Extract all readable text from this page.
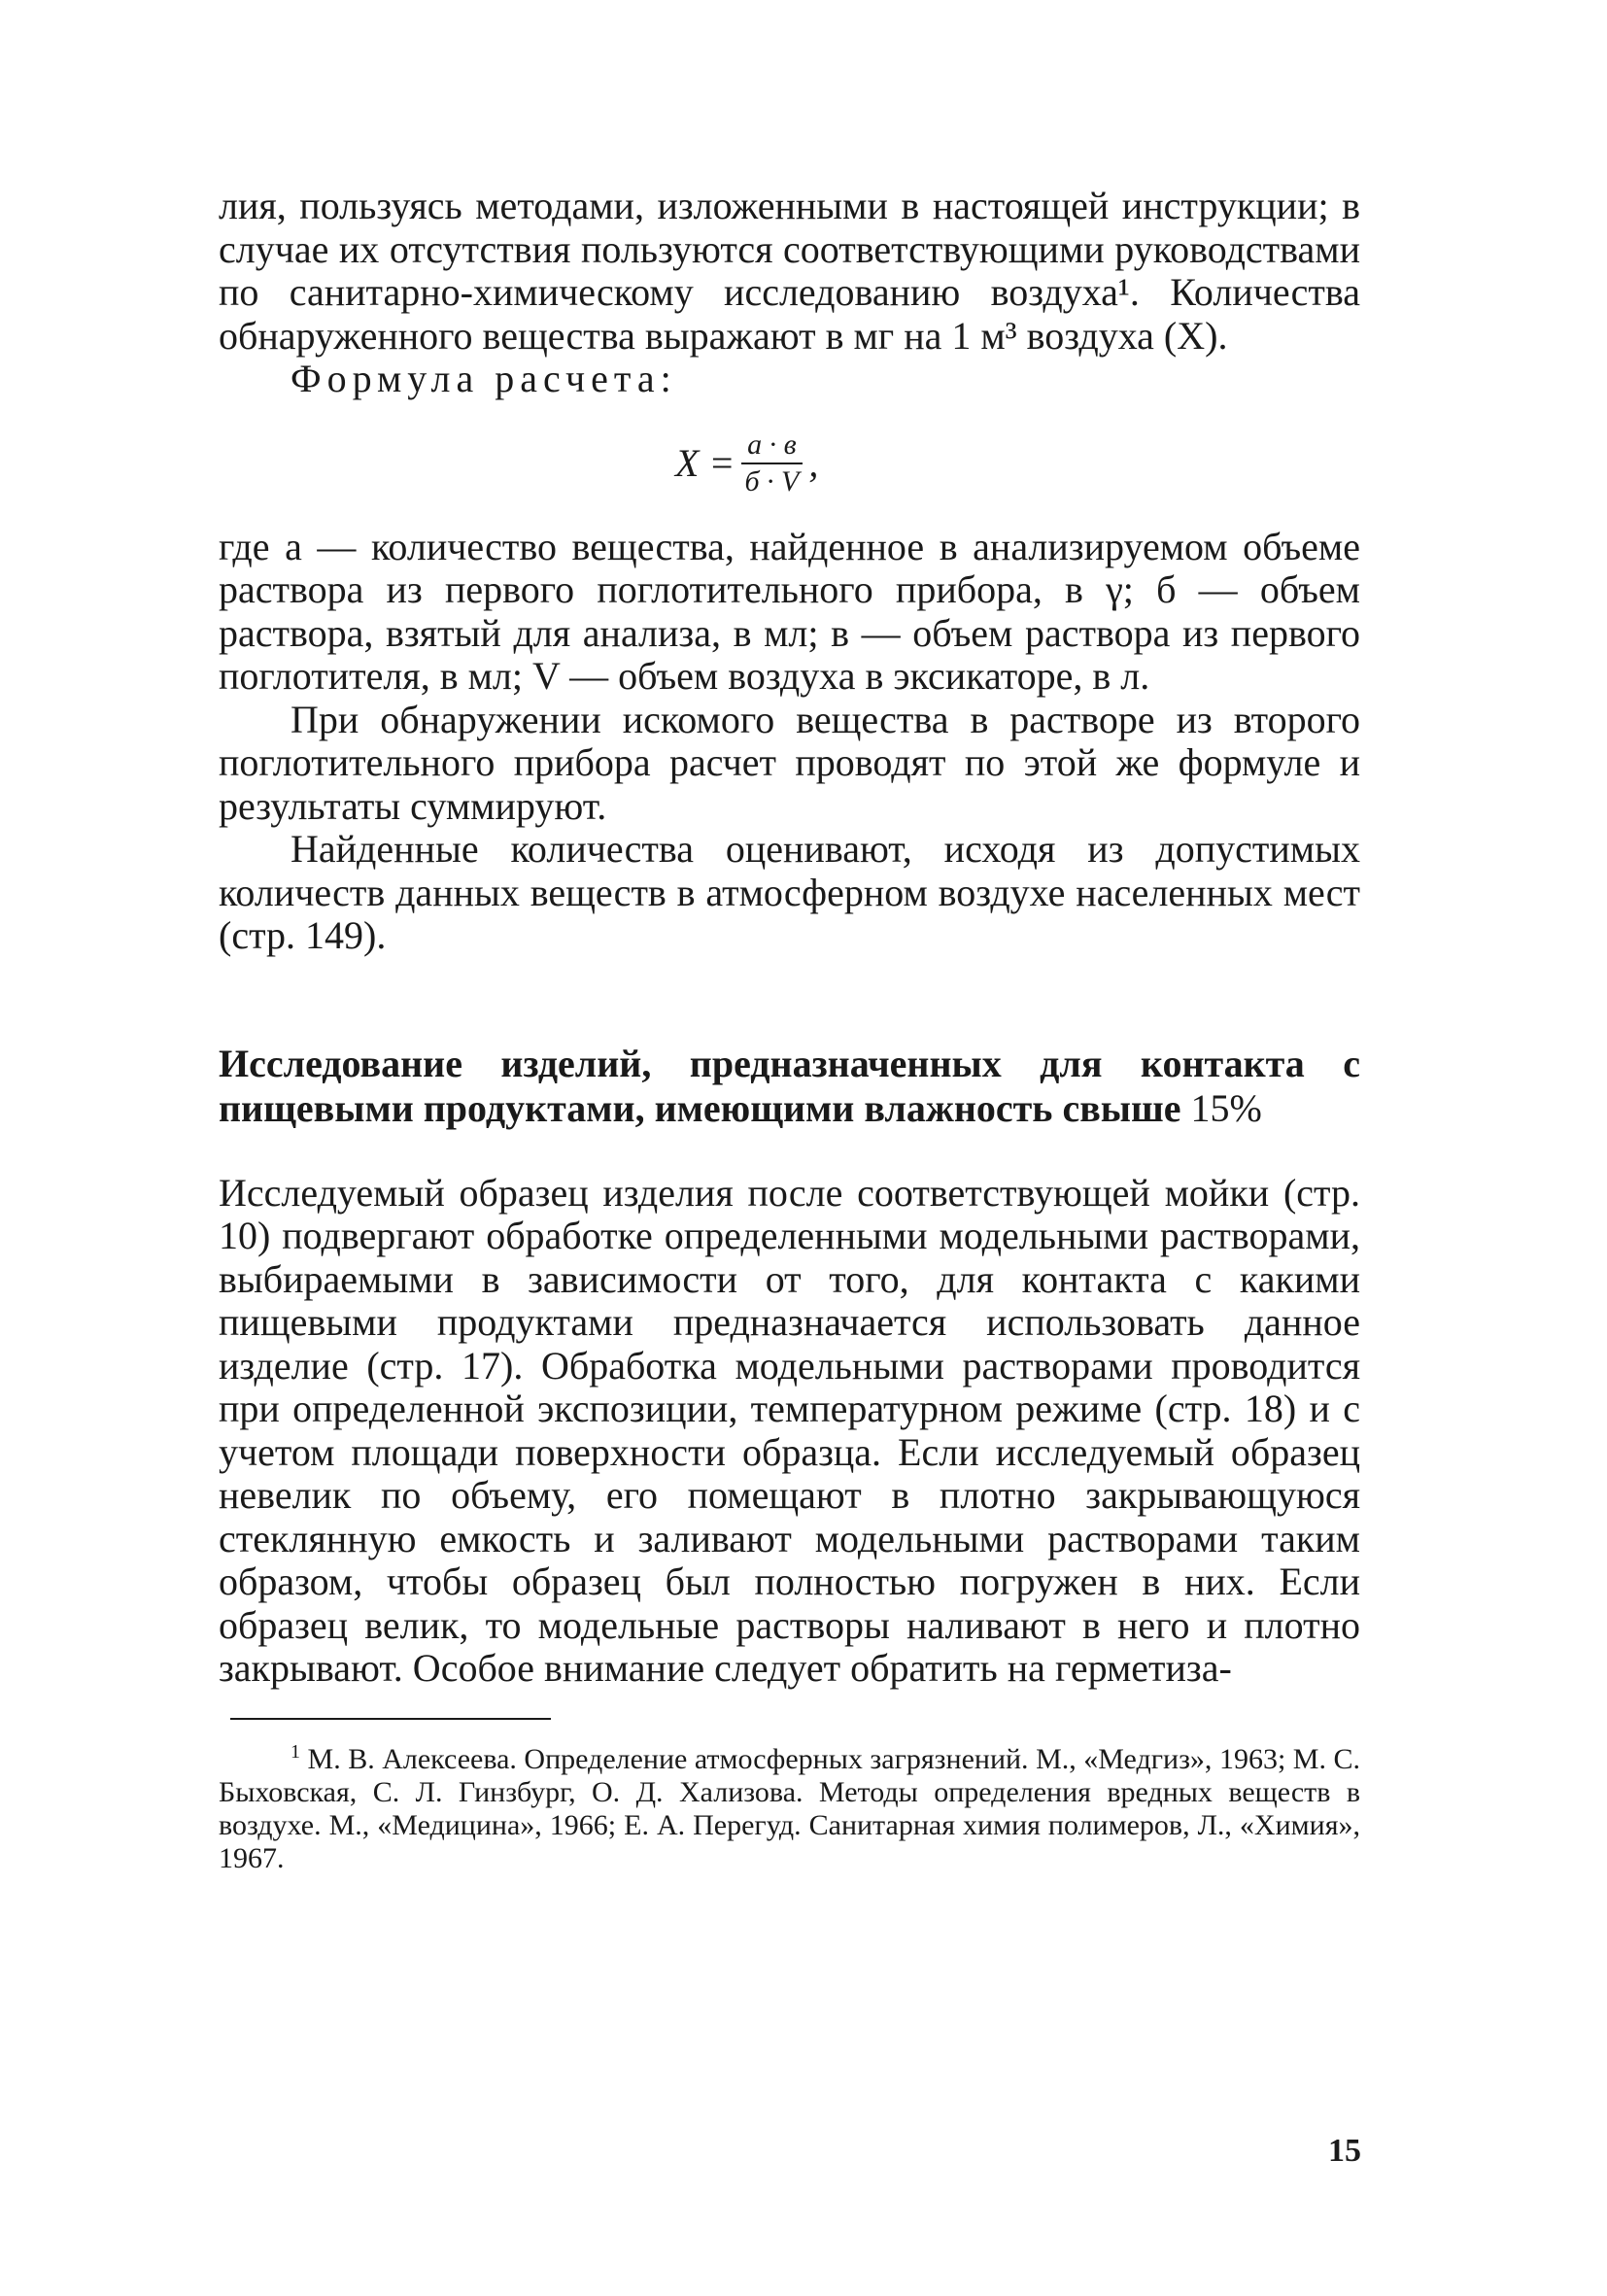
лия, пользуясь методами, изложенными в настоящей инструкции; в случае их отсутствия пользуются соответствующими руководствами по санитарно-химическому исследованию воздуха¹. Количества обнаруженного вещества выражают в мг на 1 м³ воздуха (X).

Формула расчета:

$X = \frac{а \cdot в}{б \cdot V}$ ,

где а — количество вещества, найденное в анализируемом объеме раствора из первого поглотительного прибора, в γ; б — объем раствора, взятый для анализа, в мл; в — объем раствора из первого поглотителя, в мл; V — объем воздуха в эксикаторе, в л.

При обнаружении искомого вещества в растворе из второго поглотительного прибора расчет проводят по этой же формуле и результаты суммируют.

Найденные количества оценивают, исходя из допустимых количеств данных веществ в атмосферном воздухе населенных мест (стр. 149).

Исследование изделий, предназначенных для контакта с пищевыми продуктами, имеющими влажность свыше 15%

Исследуемый образец изделия после соответствующей мойки (стр. 10) подвергают обработке определенными модельными растворами, выбираемыми в зависимости от того, для контакта с какими пищевыми продуктами предназначается использовать данное изделие (стр. 17). Обработка модельными растворами проводится при определенной экспозиции, температурном режиме (стр. 18) и с учетом площади поверхности образца. Если исследуемый образец невелик по объему, его помещают в плотно закрывающуюся стеклянную емкость и заливают модельными растворами таким образом, чтобы образец был полностью погружен в них. Если образец велик, то модельные растворы наливают в него и плотно закрывают. Особое внимание следует обратить на герметиза-

$^1$ М. В. Алексеева. Определение атмосферных загрязнений. М., «Медгиз», 1963; М. С. Быховская, С. Л. Гинзбург, О. Д. Хализова. Методы определения вредных веществ в воздухе. М., «Медицина», 1966; Е. А. Перегуд. Санитарная химия полимеров, Л., «Химия», 1967.

15
